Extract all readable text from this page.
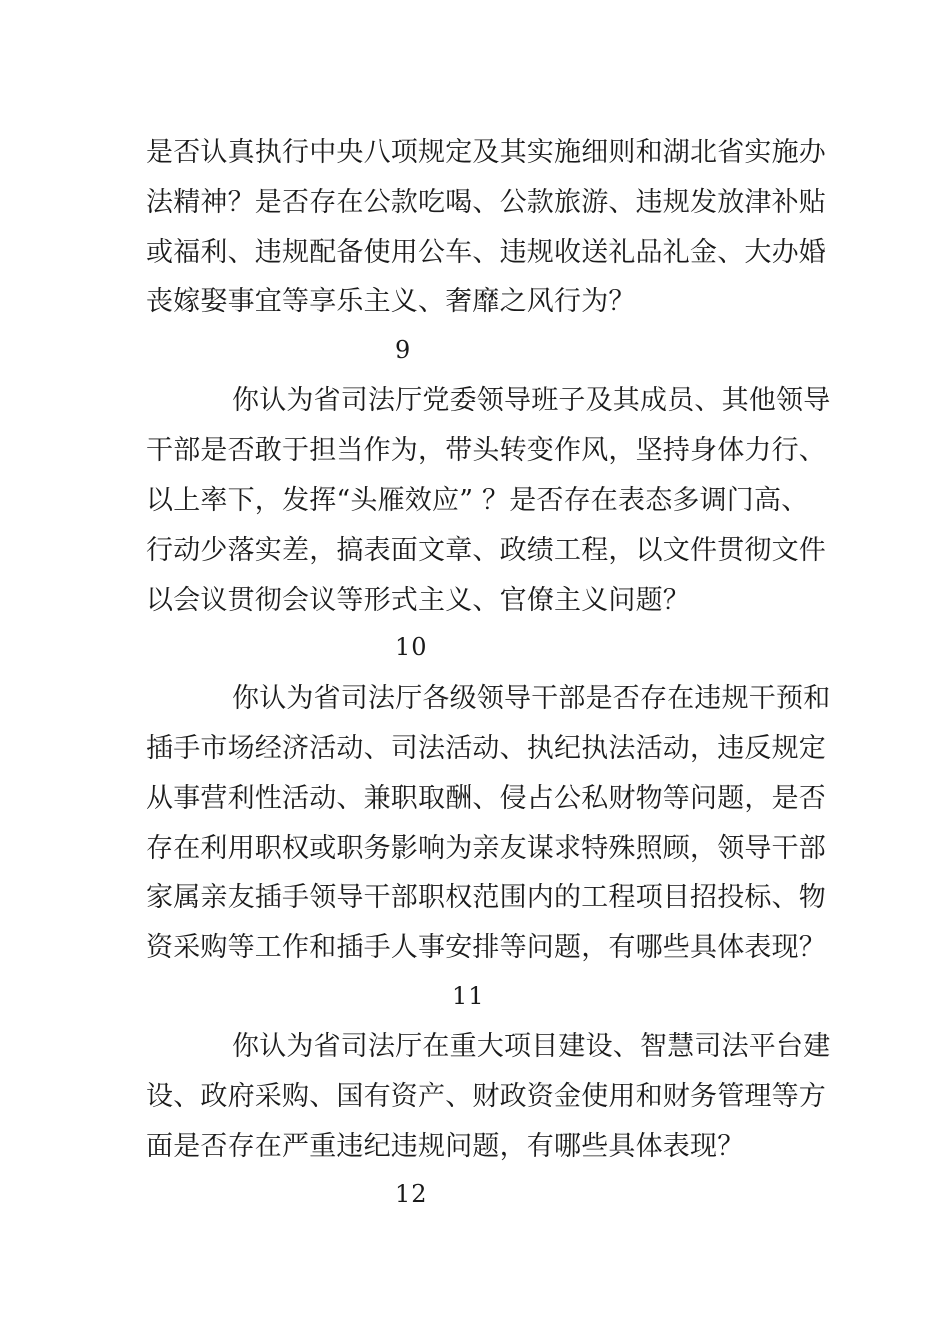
是否认真执行中央八项规定及其实施细则和湖北省实施办
法精神？是否存在公款吃喝、公款旅游、违规发放津补贴
或福利、违规配备使用公车、违规收送礼品礼金、大办婚
丧嫁娶事宜等享乐主义、奢靡之风行为？
9
你认为省司法厅党委领导班子及其成员、其他领导
干部是否敢于担当作为，带头转变作风，坚持身体力行、
以上率下，发挥“头雁效应” ？是否存在表态多调门高、
行动少落实差，搞表面文章、政绩工程，以文件贯彻文件
以会议贯彻会议等形式主义、官僚主义问题？
10
你认为省司法厅各级领导干部是否存在违规干预和
插手市场经济活动、司法活动、执纪执法活动，违反规定
从事营利性活动、兼职取酬、侵占公私财物等问题，是否
存在利用职权或职务影响为亲友谋求特殊照顾，领导干部
家属亲友插手领导干部职权范围内的工程项目招投标、物
资采购等工作和插手人事安排等问题，有哪些具体表现？
11
你认为省司法厅在重大项目建设、智慧司法平台建
设、政府采购、国有资产、财政资金使用和财务管理等方
面是否存在严重违纪违规问题，有哪些具体表现？
12
